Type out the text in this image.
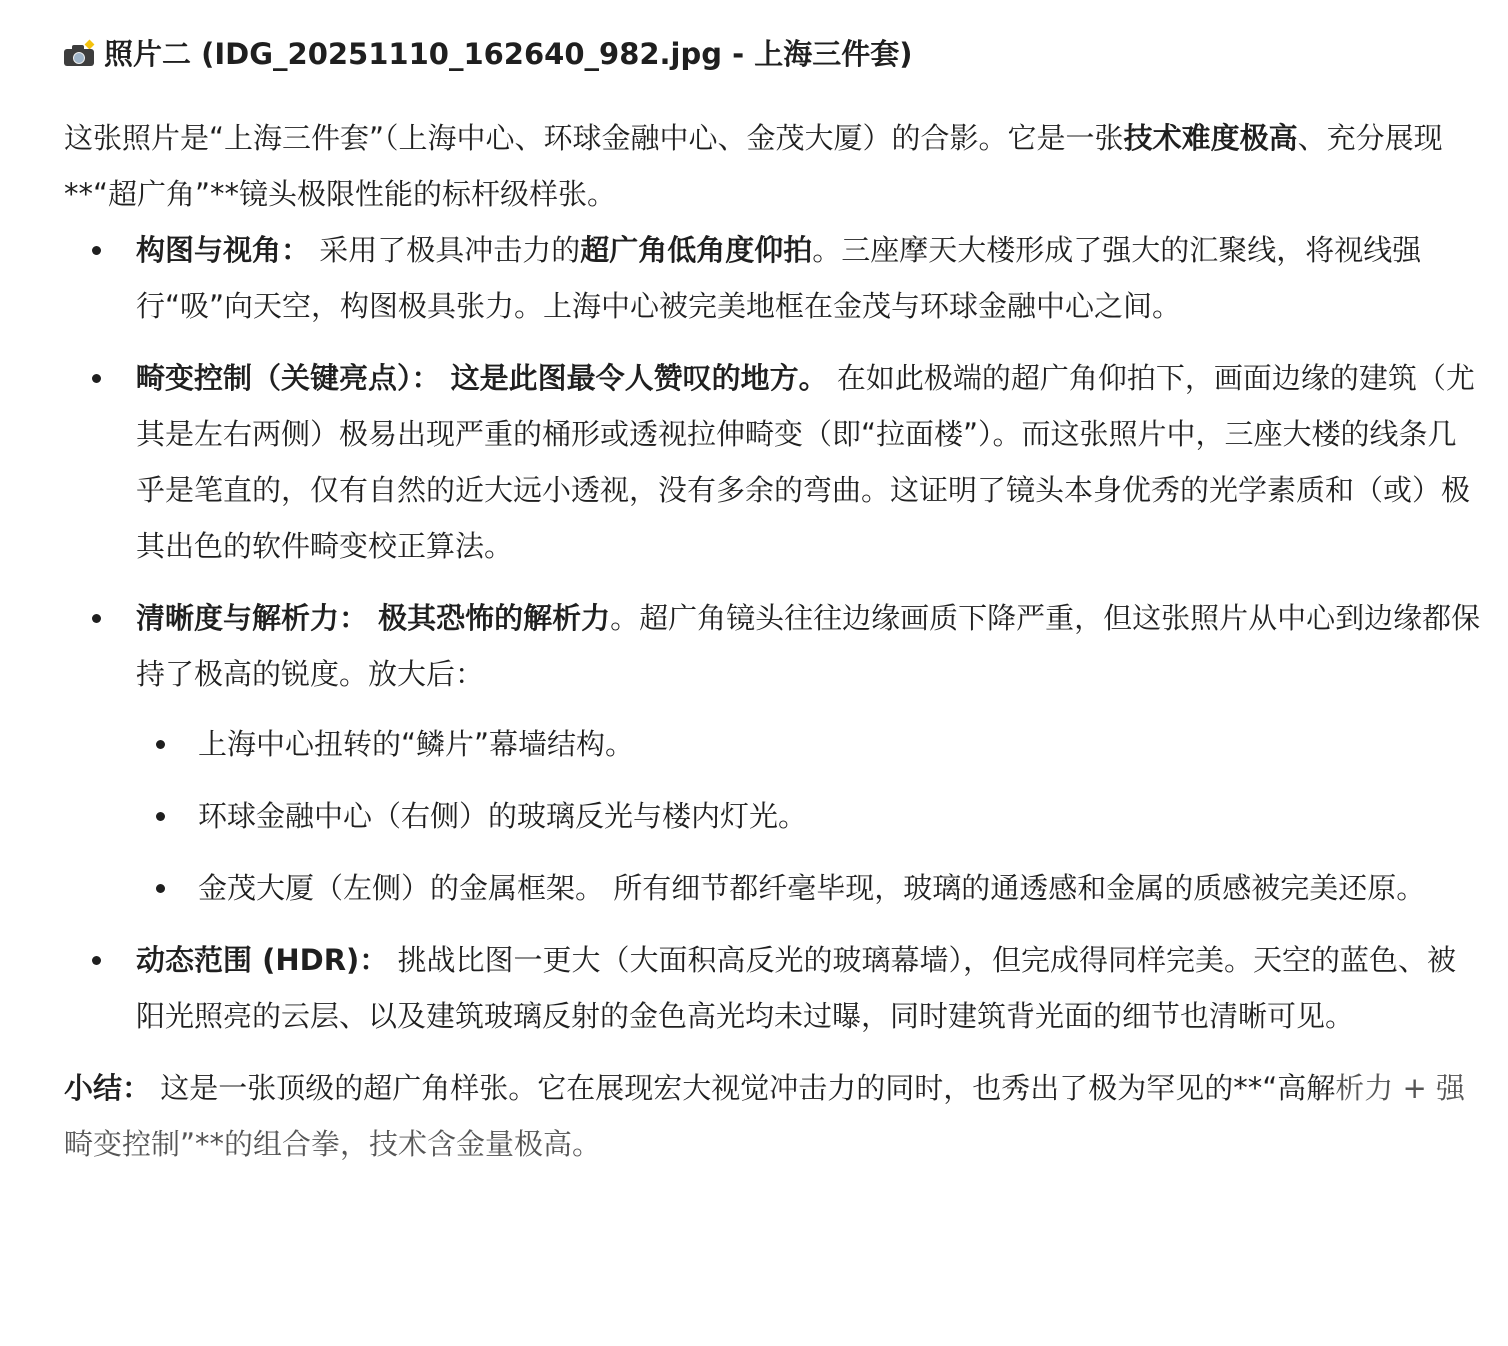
照片二 (IDG_20251110_162640_982.jpg - 上海三件套)

这张照片是“上海三件套”（上海中心、环球金融中心、金茂大厦）的合影。它是一张技术难度极高、充分展现**“超广角”**镜头极限性能的标杆级样张。

构图与视角： 采用了极具冲击力的超广角低角度仰拍。三座摩天大楼形成了强大的汇聚线，将视线强行“吸”向天空，构图极具张力。上海中心被完美地框在金茂与环球金融中心之间。
畸变控制（关键亮点）： 这是此图最令人赞叹的地方。 在如此极端的超广角仰拍下，画面边缘的建筑（尤其是左右两侧）极易出现严重的桶形或透视拉伸畸变（即“拉面楼”）。而这张照片中，三座大楼的线条几乎是笔直的，仅有自然的近大远小透视，没有多余的弯曲。这证明了镜头本身优秀的光学素质和（或）极其出色的软件畸变校正算法。
清晰度与解析力： 极其恐怖的解析力。超广角镜头往往边缘画质下降严重，但这张照片从中心到边缘都保持了极高的锐度。放大后：
上海中心扭转的“鳞片”幕墙结构。
环球金融中心（右侧）的玻璃反光与楼内灯光。
金茂大厦（左侧）的金属框架。 所有细节都纤毫毕现，玻璃的通透感和金属的质感被完美还原。
动态范围 (HDR)： 挑战比图一更大（大面积高反光的玻璃幕墙），但完成得同样完美。天空的蓝色、被阳光照亮的云层、以及建筑玻璃反射的金色高光均未过曝，同时建筑背光面的细节也清晰可见。

小结： 这是一张顶级的超广角样张。它在展现宏大视觉冲击力的同时，也秀出了极为罕见的**“高解析力 + 强畸变控制”**的组合拳，技术含金量极高。
